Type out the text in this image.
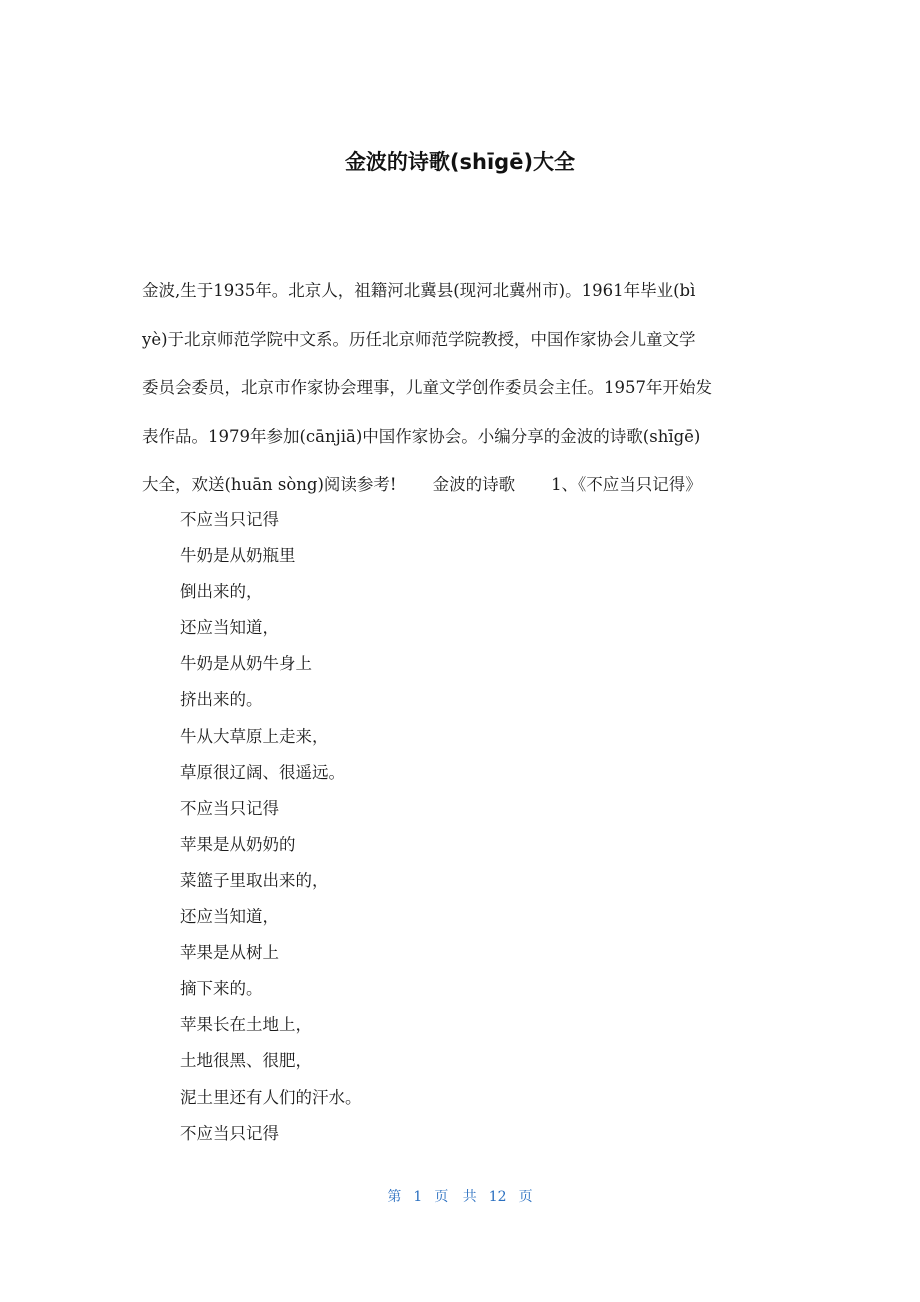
金波的诗歌(shīgē)大全
金波,生于1935年。北京人，祖籍河北冀县(现河北冀州市)。1961年毕业(bì
yè)于北京师范学院中文系。历任北京师范学院教授，中国作家协会儿童文学
委员会委员，北京市作家协会理事，儿童文学创作委员会主任。1957年开始发
表作品。1979年参加(cānjiā)中国作家协会。小编分享的金波的诗歌(shīgē)
大全，欢送(huān sòng)阅读参考! 金波的诗歌 1、《不应当只记得》
不应当只记得
牛奶是从奶瓶里
倒出来的，
还应当知道，
牛奶是从奶牛身上
挤出来的。
牛从大草原上走来，
草原很辽阔、很遥远。
不应当只记得
苹果是从奶奶的
菜篮子里取出来的，
还应当知道，
苹果是从树上
摘下来的。
苹果长在土地上，
土地很黑、很肥，
泥土里还有人们的汗水。
不应当只记得
第 1 页 共 12 页
